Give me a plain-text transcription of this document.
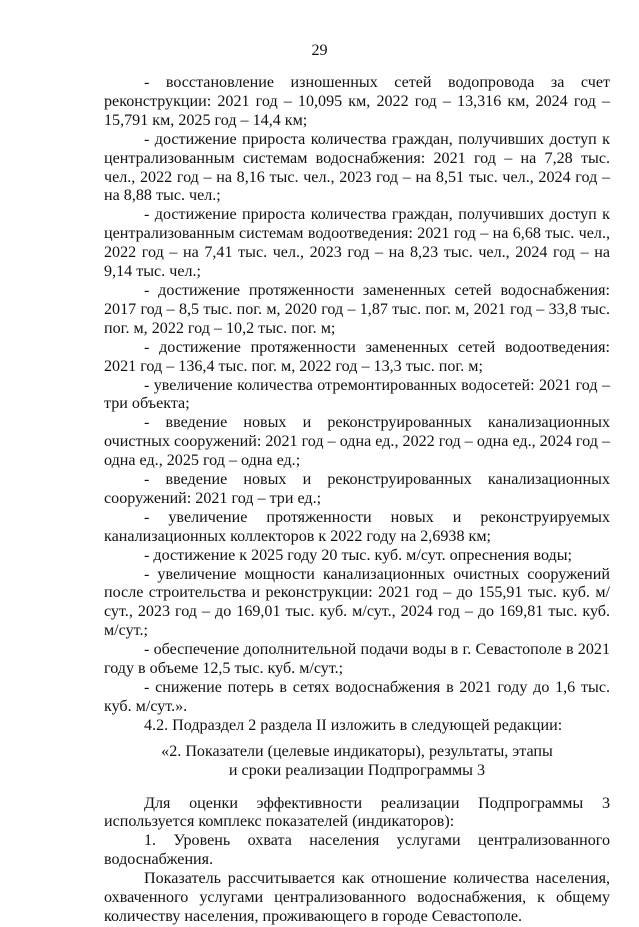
29

- восстановление изношенных сетей водопровода за счет реконструкции: 2021 год – 10,095 км, 2022 год – 13,316 км, 2024 год – 15,791 км, 2025 год – 14,4 км;

- достижение прироста количества граждан, получивших доступ к централизованным системам водоснабжения: 2021 год – на 7,28 тыс. чел., 2022 год – на 8,16 тыс. чел., 2023 год – на 8,51 тыс. чел., 2024 год – на 8,88 тыс. чел.;

- достижение прироста количества граждан, получивших доступ к централизованным системам водоотведения: 2021 год – на 6,68 тыс. чел., 2022 год – на 7,41 тыс. чел., 2023 год – на 8,23 тыс. чел., 2024 год – на 9,14 тыс. чел.;

- достижение протяженности замененных сетей водоснабжения: 2017 год – 8,5 тыс. пог. м, 2020 год – 1,87 тыс. пог. м, 2021 год – 33,8 тыс. пог. м, 2022 год – 10,2 тыс. пог. м;

- достижение протяженности замененных сетей водоотведения: 2021 год – 136,4 тыс. пог. м, 2022 год – 13,3 тыс. пог. м;

- увеличение количества отремонтированных водосетей: 2021 год – три объекта;

- введение новых и реконструированных канализационных очистных сооружений: 2021 год – одна ед., 2022 год – одна ед., 2024 год – одна ед., 2025 год – одна ед.;

- введение новых и реконструированных канализационных сооружений: 2021 год – три ед.;

- увеличение протяженности новых и реконструируемых канализационных коллекторов к 2022 году на 2,6938 км;

- достижение к 2025 году 20 тыс. куб. м/сут. опреснения воды;

- увеличение мощности канализационных очистных сооружений после строительства и реконструкции: 2021 год – до 155,91 тыс. куб. м/сут., 2023 год – до 169,01 тыс. куб. м/сут., 2024 год – до 169,81 тыс. куб. м/сут.;

- обеспечение дополнительной подачи воды в г. Севастополе в 2021 году в объеме 12,5 тыс. куб. м/сут.;

- снижение потерь в сетях водоснабжения в 2021 году до 1,6 тыс. куб. м/сут.».

4.2. Подраздел 2 раздела II изложить в следующей редакции:

«2. Показатели (целевые индикаторы), результаты, этапы

и сроки реализации Подпрограммы 3

Для оценки эффективности реализации Подпрограммы 3 используется комплекс показателей (индикаторов):

1. Уровень охвата населения услугами централизованного водоснабжения.

Показатель рассчитывается как отношение количества населения, охваченного услугами централизованного водоснабжения, к общему количеству населения, проживающего в городе Севастополе.
